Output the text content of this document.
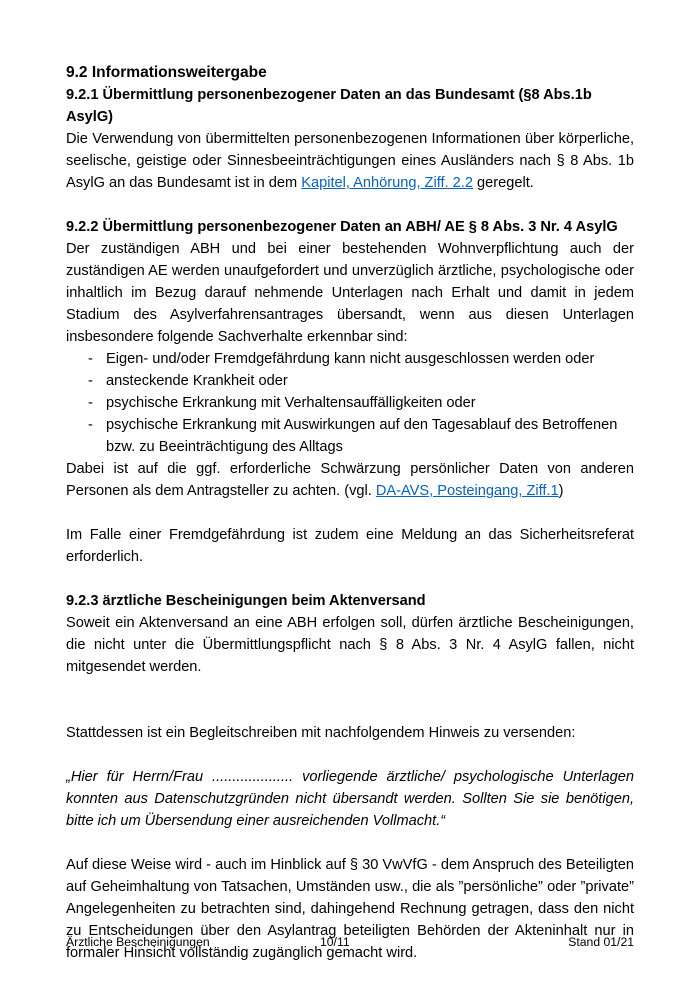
9.2 Informationsweitergabe
9.2.1 Übermittlung personenbezogener Daten an das Bundesamt (§8 Abs.1b AsylG)

Die Verwendung von übermittelten personenbezogenen Informationen über körperliche, seelische, geistige oder Sinnesbeeinträchtigungen eines Ausländers nach § 8 Abs. 1b AsylG an das Bundesamt ist in dem Kapitel, Anhörung, Ziff. 2.2 geregelt.

9.2.2 Übermittlung personenbezogener Daten an ABH/ AE § 8 Abs. 3 Nr. 4 AsylG

Der zuständigen ABH und bei einer bestehenden Wohnverpflichtung auch der zuständigen AE werden unaufgefordert und unverzüglich ärztliche, psychologische oder inhaltlich im Bezug darauf nehmende Unterlagen nach Erhalt und damit in jedem Stadium des Asylverfahrensantrages übersandt, wenn aus diesen Unterlagen insbesondere folgende Sachverhalte erkennbar sind:

- Eigen- und/oder Fremdgefährdung kann nicht ausgeschlossen werden oder
- ansteckende Krankheit oder
- psychische Erkrankung mit Verhaltensauffälligkeiten oder
- psychische Erkrankung mit Auswirkungen auf den Tagesablauf des Betroffenen bzw. zu Beeinträchtigung des Alltags

Dabei ist auf die ggf. erforderliche Schwärzung persönlicher Daten von anderen Personen als dem Antragsteller zu achten. (vgl. DA-AVS, Posteingang, Ziff.1)

Im Falle einer Fremdgefährdung ist zudem eine Meldung an das Sicherheitsreferat erforderlich.

9.2.3 ärztliche Bescheinigungen beim Aktenversand

Soweit ein Aktenversand an eine ABH erfolgen soll, dürfen ärztliche Bescheinigungen, die nicht unter die Übermittlungspflicht nach § 8 Abs. 3 Nr. 4 AsylG fallen, nicht mitgesendet werden.

Stattdessen ist ein Begleitschreiben mit nachfolgendem Hinweis zu versenden:

„Hier für Herrn/Frau .................... vorliegende ärztliche/ psychologische Unterlagen konnten aus Datenschutzgründen nicht übersandt werden. Sollten Sie sie benötigen, bitte ich um Übersendung einer ausreichenden Vollmacht.“

Auf diese Weise wird - auch im Hinblick auf § 30 VwVfG - dem Anspruch des Beteiligten auf Geheimhaltung von Tatsachen, Umständen usw., die als ”persönliche” oder ”private” Angelegenheiten zu betrachten sind, dahingehend Rechnung getragen, dass den nicht zu Entscheidungen über den Asylantrag beteiligten Behörden der Akteninhalt nur in formaler Hinsicht vollständig zugänglich gemacht wird.

Ärztliche Bescheinigungen	10/11	Stand 01/21
